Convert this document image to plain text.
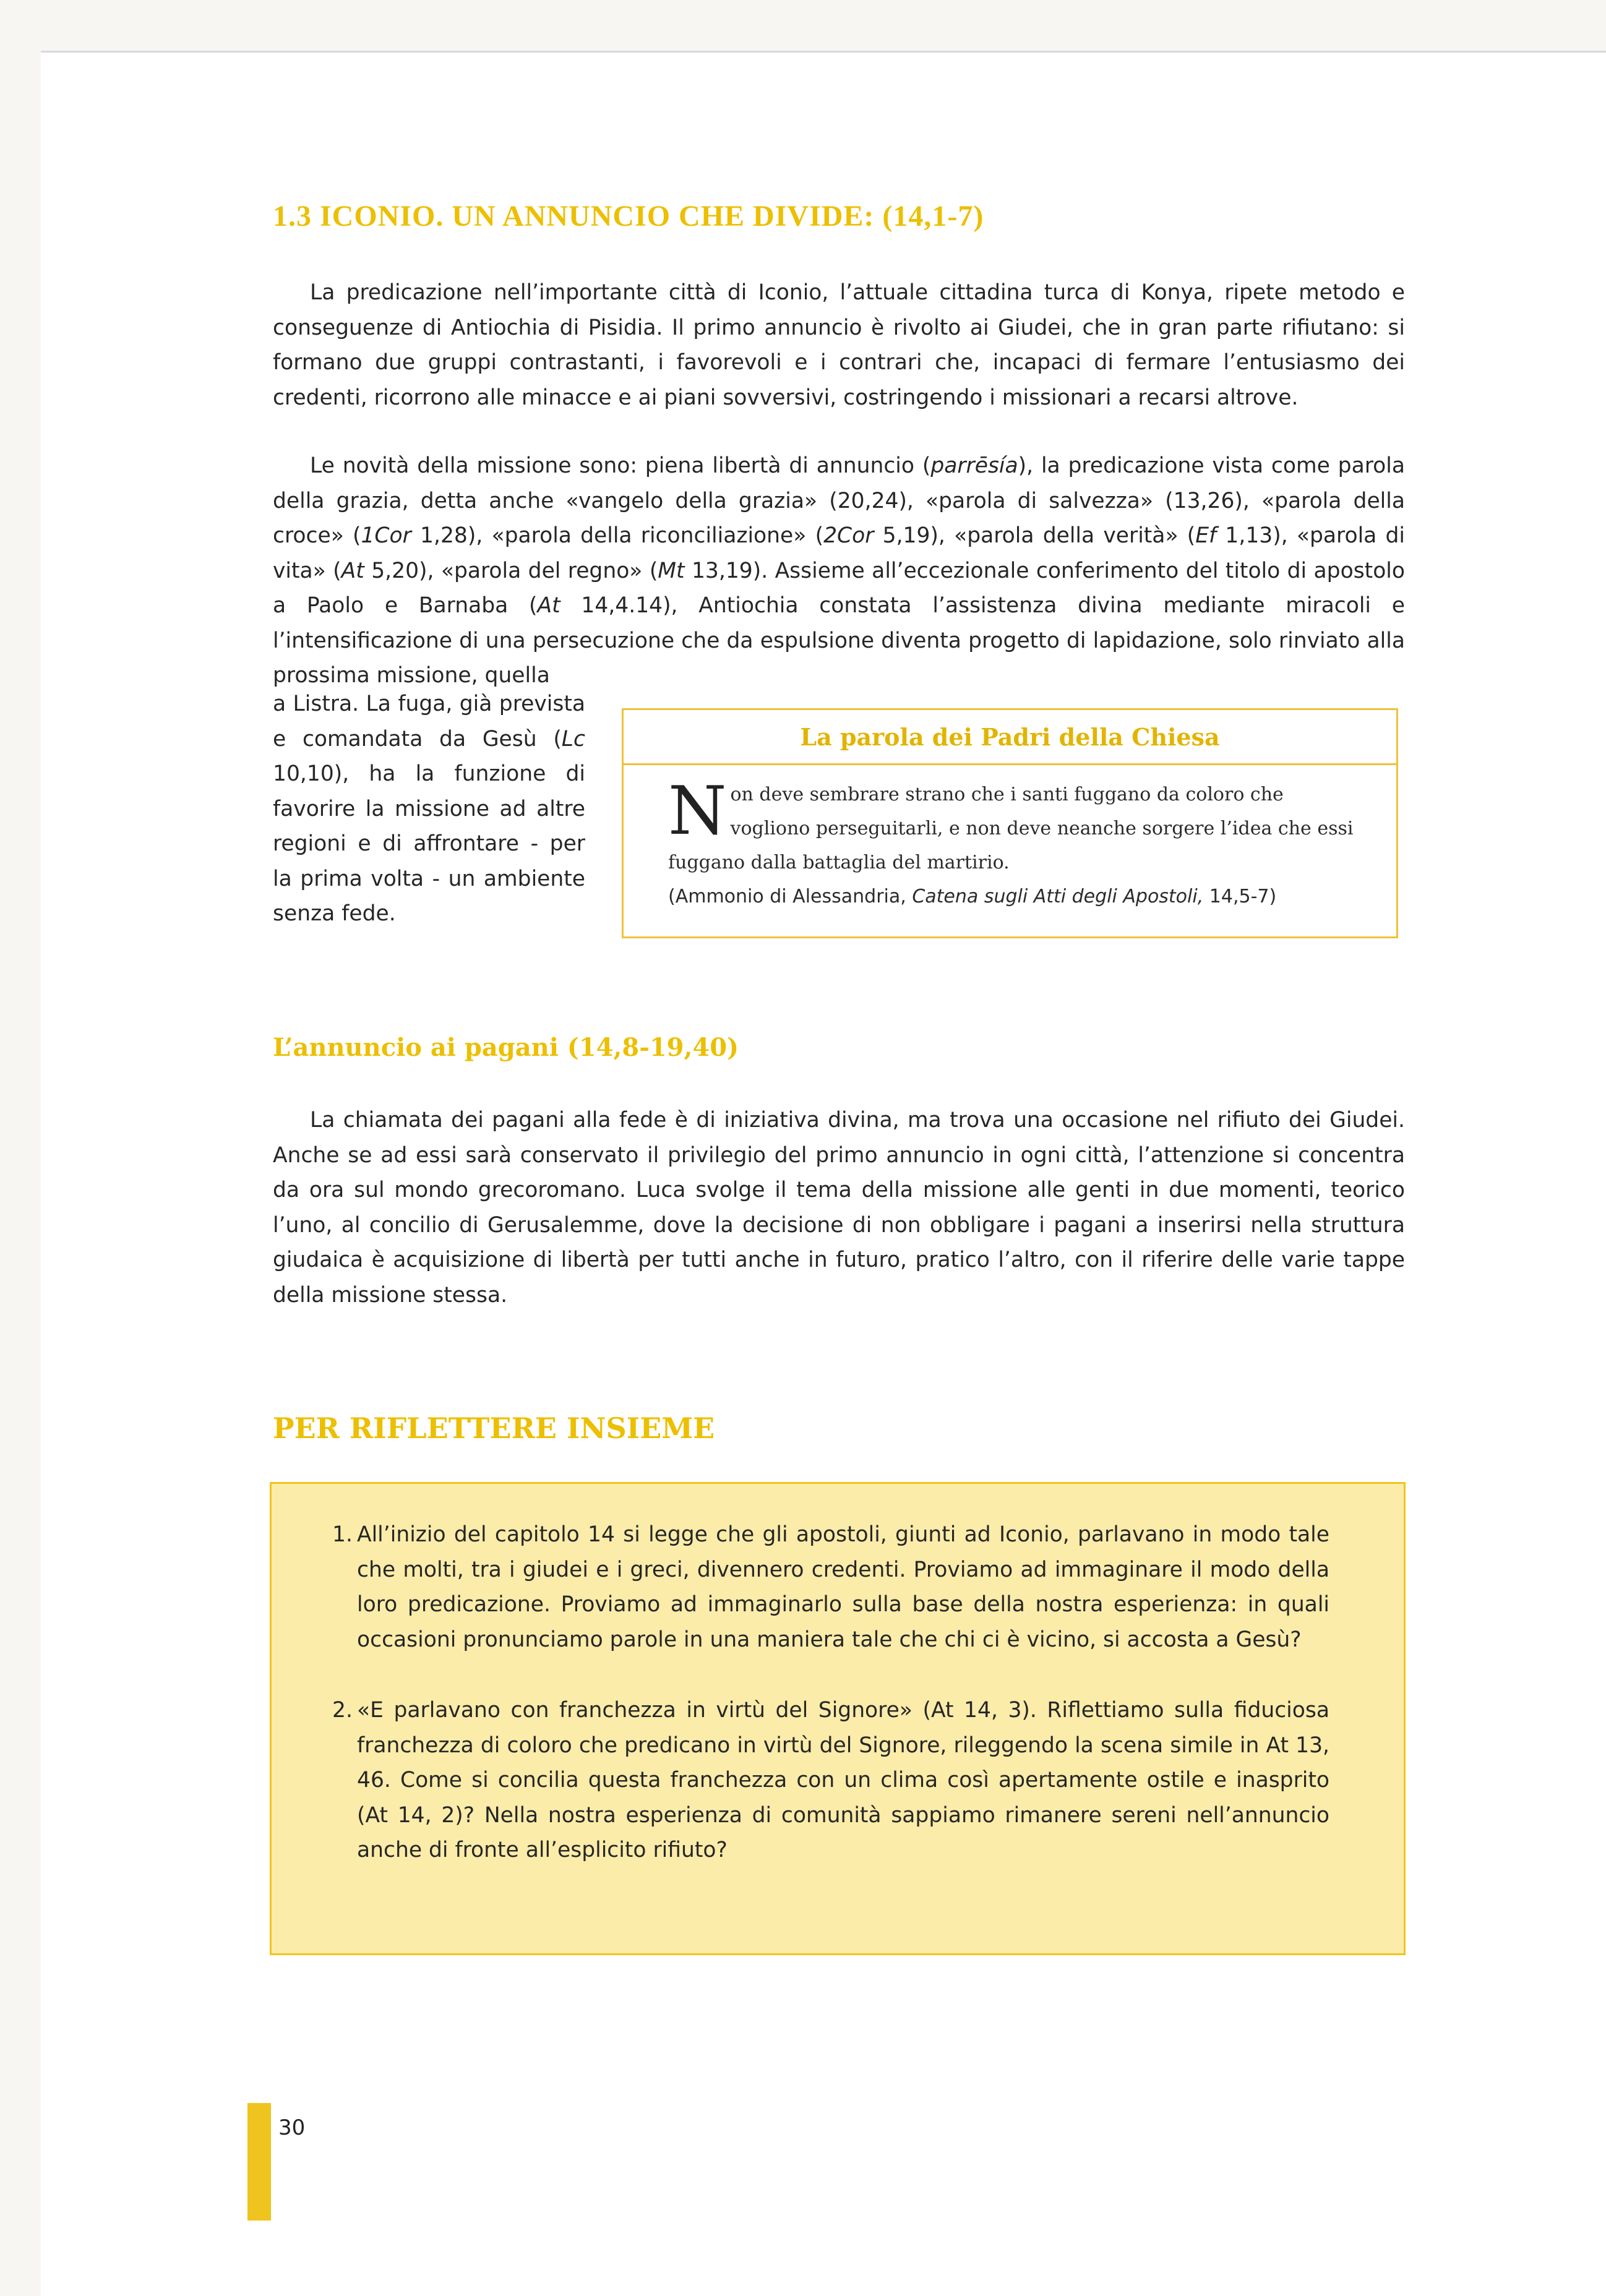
1.3 ICONIO. UN ANNUNCIO CHE DIVIDE: (14,1-7)

La predicazione nell’importante città di Iconio, l’attuale cittadina turca di Konya, ripete metodo e conseguenze di Antiochia di Pisidia. Il primo annuncio è rivolto ai Giudei, che in gran parte rifiutano: si formano due gruppi contrastanti, i favorevoli e i contrari che, incapaci di fermare l’entusiasmo dei credenti, ricorrono alle minacce e ai piani sovversivi, costringendo i missionari a recarsi altrove.

Le novità della missione sono: piena libertà di annuncio (parrēsía), la predicazione vista come parola della grazia, detta anche «vangelo della grazia» (20,24), «parola di salvezza» (13,26), «parola della croce» (1Cor 1,28), «parola della riconciliazione» (2Cor 5,19), «parola della verità» (Ef 1,13), «parola di vita» (At 5,20), «parola del regno» (Mt 13,19). Assieme all’eccezionale conferimento del titolo di apostolo a Paolo e Barnaba (At 14,4.14), Antiochia constata l’assistenza divina mediante miracoli e l’intensificazione di una persecuzione che da espulsione diventa progetto di lapidazione, solo rinviato alla prossima missione, quella

a Listra. La fuga, già prevista e comandata da Gesù (Lc 10,10), ha la funzione di favorire la missione ad altre regioni e di affrontare - per la prima volta - un ambiente senza fede.

La parola dei Padri della Chiesa
Non deve sembrare strano che i santi fuggano da coloro che vogliono perseguitarli, e non deve neanche sorgere l’idea che essi fuggano dalla battaglia del martirio.
(Ammonio di Alessandria, Catena sugli Atti degli Apostoli, 14,5-7)
L’annuncio ai pagani (14,8-19,40)

La chiamata dei pagani alla fede è di iniziativa divina, ma trova una occasione nel rifiuto dei Giudei. Anche se ad essi sarà conservato il privilegio del primo annuncio in ogni città, l’attenzione si concentra da ora sul mondo grecoromano. Luca svolge il tema della missione alle genti in due momenti, teorico l’uno, al concilio di Gerusalemme, dove la decisione di non obbligare i pagani a inserirsi nella struttura giudaica è acquisizione di libertà per tutti anche in futuro, pratico l’altro, con il riferire delle varie tappe della missione stessa.

PER RIFLETTERE INSIEME
1. All’inizio del capitolo 14 si legge che gli apostoli, giunti ad Iconio, parlavano in modo tale che molti, tra i giudei e i greci, divennero credenti. Proviamo ad immaginare il modo della loro predicazione. Proviamo ad immaginarlo sulla base della nostra esperienza: in quali occasioni pronunciamo parole in una maniera tale che chi ci è vicino, si accosta a Gesù?
2. «E parlavano con franchezza in virtù del Signore» (At 14, 3). Riflettiamo sulla fiduciosa franchezza di coloro che predicano in virtù del Signore, rileggendo la scena simile in At 13, 46. Come si concilia questa franchezza con un clima così apertamente ostile e inasprito (At 14, 2)? Nella nostra esperienza di comunità sappiamo rimanere sereni nell’annuncio anche di fronte all’esplicito rifiuto?
30
